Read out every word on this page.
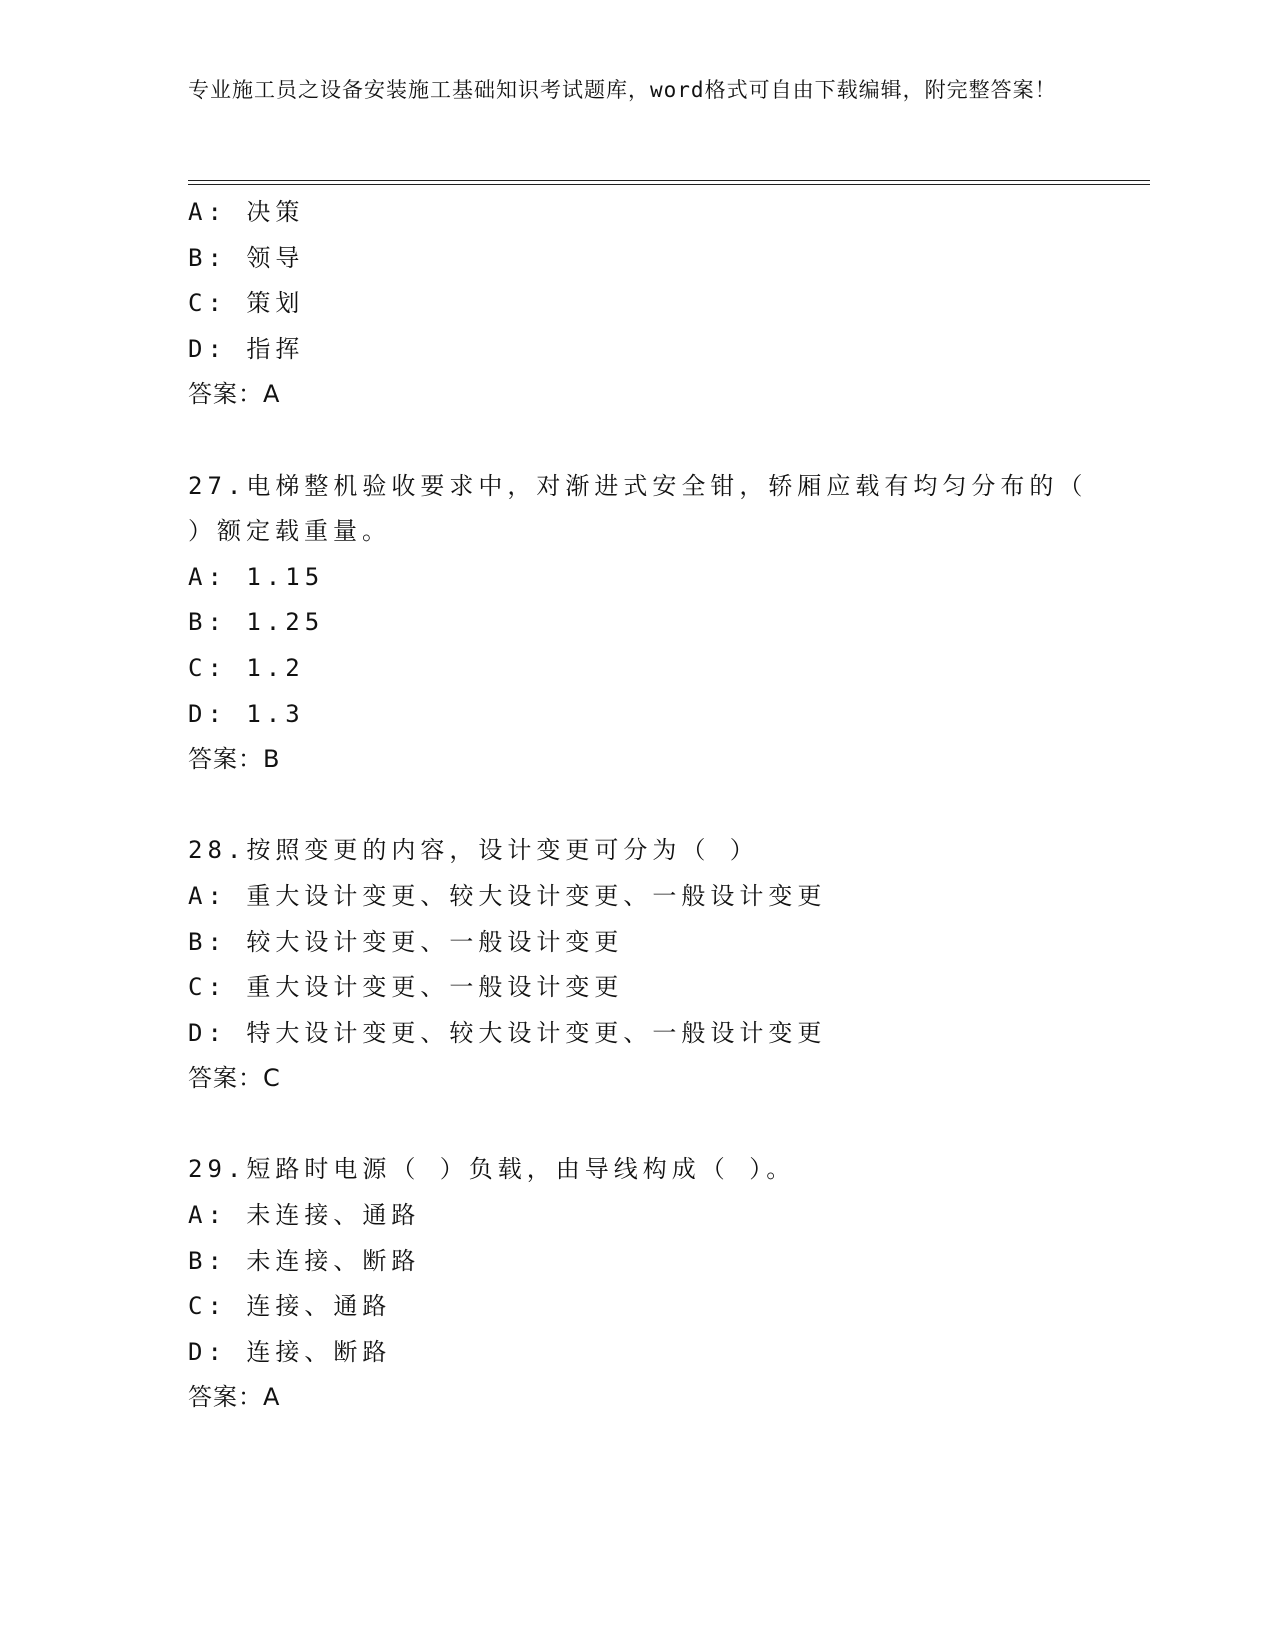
专业施工员之设备安装施工基础知识考试题库，word格式可自由下载编辑，附完整答案！
A: 决策
B: 领导
C: 策划
D: 指挥
答案：A
27.电梯整机验收要求中，对渐进式安全钳，轿厢应载有均匀分布的（
）额定载重量。
A: 1.15
B: 1.25
C: 1.2
D: 1.3
答案：B
28.按照变更的内容，设计变更可分为（ ）
A: 重大设计变更、较大设计变更、一般设计变更
B: 较大设计变更、一般设计变更
C: 重大设计变更、一般设计变更
D: 特大设计变更、较大设计变更、一般设计变更
答案：C
29.短路时电源（ ）负载，由导线构成（ ）。
A: 未连接、通路
B: 未连接、断路
C: 连接、通路
D: 连接、断路
答案：A
